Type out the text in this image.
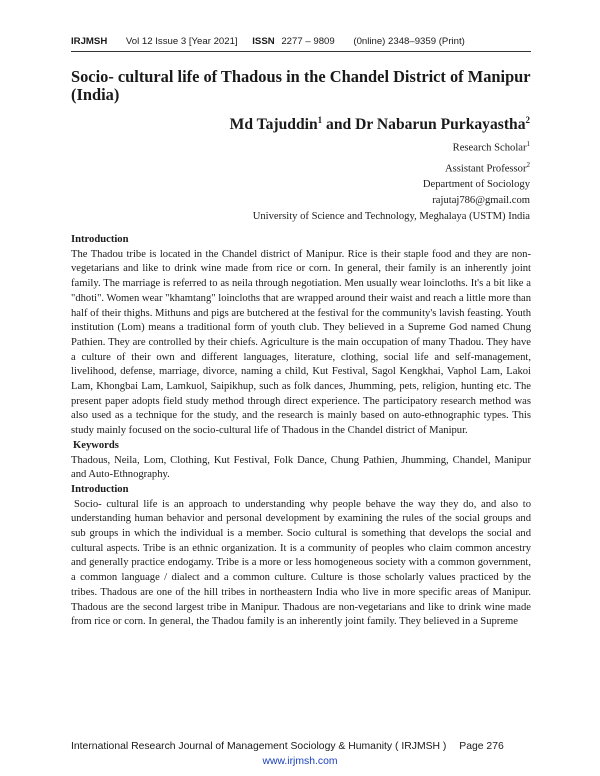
IRJMSH Vol 12 Issue 3 [Year 2021] ISSN 2277 – 9809 (0nline) 2348–9359 (Print)
Socio- cultural life of Thadous in the Chandel District of Manipur (India)
Md Tajuddin$^1$ and Dr Nabarun Purkayastha$^2$
Research Scholar$^1$
Assistant Professor$^2$
Department of Sociology
rajutaj786@gmail.com
University of Science and Technology, Meghalaya (USTM) India

Introduction

The Thadou tribe is located in the Chandel district of Manipur. Rice is their staple food and they are non-vegetarians and like to drink wine made from rice or corn. In general, their family is an inherently joint family. The marriage is referred to as neila through negotiation. Men usually wear loincloths. It's a bit like a "dhoti". Women wear "khamtang" loincloths that are wrapped around their waist and reach a little more than half of their thighs. Mithuns and pigs are butchered at the festival for the community's lavish feasting. Youth institution (Lom) means a traditional form of youth club. They believed in a Supreme God named Chung Pathien. They are controlled by their chiefs. Agriculture is the main occupation of many Thadou. They have a culture of their own and different languages, literature, clothing, social life and self-management, livelihood, defense, marriage, divorce, naming a child, Kut Festival, Sagol Kengkhai, Vaphol Lam, Lakoi Lam, Khongbai Lam, Lamkuol, Saipikhup, such as folk dances, Jhumming, pets, religion, hunting etc. The present paper adopts field study method through direct experience. The participatory research method was also used as a technique for the study, and the research is mainly based on auto-ethnographic types. This study mainly focused on the socio-cultural life of Thadous in the Chandel district of Manipur.

Keywords

Thadous, Neila, Lom, Clothing, Kut Festival, Folk Dance, Chung Pathien, Jhumming, Chandel, Manipur and Auto-Ethnography.

Introduction

Socio- cultural life is an approach to understanding why people behave the way they do, and also to understanding human behavior and personal development by examining the rules of the social groups and sub groups in which the individual is a member. Socio cultural is something that develops the social and cultural aspects. Tribe is an ethnic organization. It is a community of peoples who claim common ancestry and generally practice endogamy. Tribe is a more or less homogeneous society with a common government, a common language / dialect and a common culture. Culture is those scholarly values practiced by the tribes. Thadous are one of the hill tribes in northeastern India who live in more specific areas of Manipur. Thadous are the second largest tribe in Manipur. Thadous are non-vegetarians and like to drink wine made from rice or corn. In general, the Thadou family is an inherently joint family. They believed in a Supreme

International Research Journal of Management Sociology & Humanity ( IRJMSH ) Page 276
www.irjmsh.com
